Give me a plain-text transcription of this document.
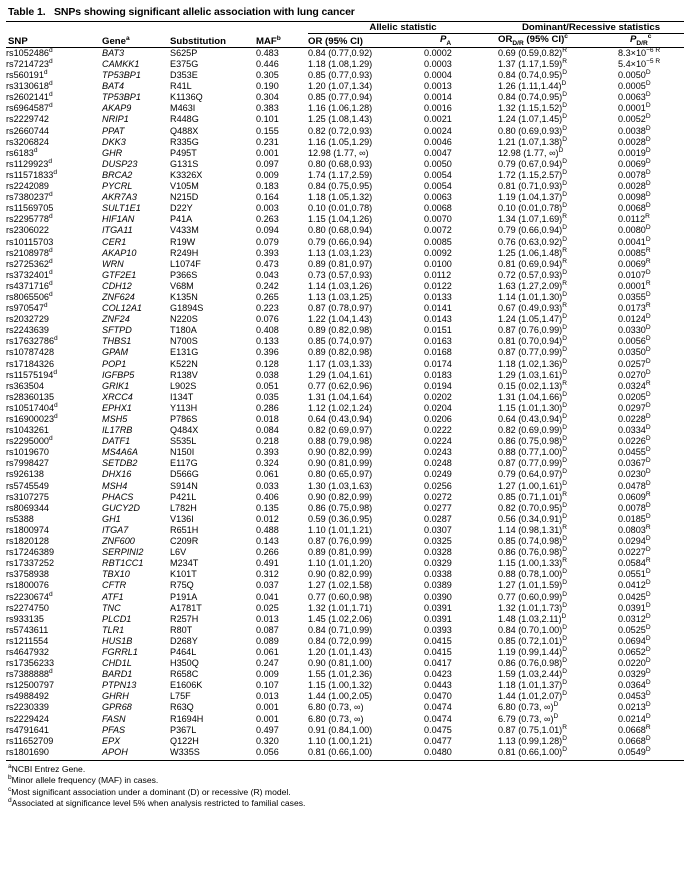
Table 1. SNPs showing significant allelic association with lung cancer

				Allelic statistic		Dominant/Recessive statistics	
SNP	Gene$^a$	Substitution	MAF$^b$	OR (95% CI)	$P_A$	$OR_{D/R}$ (95% CI)$^c$	$P_{D/R}^c$
rs1052486$^d$	BAT3	S625P	0.483	0.84 (0.77,0.92)	0.0002	0.69 $(0.59,0.82)^R$	$8.3\times 10^{-6 R}$
rs7214723$^d$	CAMKK1	E375G	0.446	1.18 (1.08,1.29)	0.0003	1.37 $(1.17,1.59)^R$	$5.4\times 10^{-5 R}$
rs560191$^d$	TP53BP1	D353E	0.305	0.85 (0.77,0.93)	0.0004	0.84 $(0.74,0.95)^D$	$0.0050^D$
rs3130618$^d$	BAT4	R41L	0.190	1.20 (1.07,1.34)	0.0013	1.26 $(1.11,1.44)^D$	$0.0005^D$
rs2602141$^d$	TP53BP1	K1136Q	0.304	0.85 (0.77,0.94)	0.0014	0.84 $(0.74,0.95)^D$	$0.0063^D$
rs6964587$^d$	AKAP9	M463I	0.383	1.16 (1.06,1.28)	0.0016	1.32 $(1.15,1.52)^D$	$0.0001^D$
rs2229742	NRIP1	R448G	0.101	1.25 (1.08,1.43)	0.0021	1.24 $(1.07,1.45)^D$	$0.0052^D$
rs2660744	PPAT	Q488X	0.155	0.82 (0.72,0.93)	0.0024	0.80 $(0.69,0.93)^D$	$0.0038^D$
rs3206824	DKK3	R335G	0.231	1.16 (1.05,1.29)	0.0046	1.21 $(1.07,1.38)^D$	$0.0028^D$
rs6183$^d$	GHR	P495T	0.001	12.98 (1.77, ∞)	0.0047	12.98 (1.77, ∞)$^D$	$0.0019^D$
rs1129923$^d$	DUSP23	G131S	0.097	0.80 (0.68,0.93)	0.0050	0.79 $(0.67,0.94)^D$	$0.0069^D$
rs11571833$^d$	BRCA2	K3326X	0.009	1.74 (1.17,2.59)	0.0054	1.72 $(1.15,2.57)^D$	$0.0078^D$
rs2242089	PYCRL	V105M	0.183	0.84 (0.75,0.95)	0.0054	0.81 $(0.71,0.93)^D$	$0.0028^D$
rs7380237$^d$	AKR7A3	N215D	0.164	1.18 (1.05,1.32)	0.0063	1.19 $(1.04,1.37)^D$	$0.0098^D$
rs11569705	SULT1E1	D22Y	0.003	0.10 (0.01,0.78)	0.0068	0.10 $(0.01,0.78)^D$	$0.0068^D$
rs2295778$^d$	HIF1AN	P41A	0.263	1.15 (1.04,1.26)	0.0070	1.34 $(1.07,1.69)^R$	$0.0112^R$
rs2306022	ITGA11	V433M	0.094	0.80 (0.68,0.94)	0.0072	0.79 $(0.66,0.94)^D$	$0.0080^D$
rs10115703	CER1	R19W	0.079	0.79 (0.66,0.94)	0.0085	0.76 $(0.63,0.92)^D$	$0.0041^D$
rs2108978$^d$	AKAP10	R249H	0.393	1.13 (1.03,1.23)	0.0092	1.25 $(1.06,1.48)^R$	$0.0085^R$
rs2725362$^d$	WRN	L1074F	0.473	0.89 (0.81,0.97)	0.0100	0.81 $(0.69,0.94)^R$	$0.0069^R$
rs3732401$^d$	GTF2E1	P366S	0.043	0.73 (0.57,0.93)	0.0112	0.72 $(0.57,0.93)^D$	$0.0107^D$
rs4371716$^d$	CDH12	V68M	0.242	1.14 (1.03,1.26)	0.0122	1.63 $(1.27,2.09)^R$	$0.0001^R$
rs8065506$^d$	ZNF624	K135N	0.265	1.13 (1.03,1.25)	0.0133	1.14 $(1.01,1.30)^D$	$0.0355^D$
rs970547$^d$	COL12A1	G1894S	0.223	0.87 (0.78,0.97)	0.0141	0.67 $(0.49,0.93)^R$	$0.0173^R$
rs2032729	ZNF24	N220S	0.076	1.22 (1.04,1.43)	0.0143	1.24 $(1.05,1.47)^D$	$0.0124^D$
rs2243639	SFTPD	T180A	0.408	0.89 (0.82,0.98)	0.0151	0.87 $(0.76,0.99)^D$	$0.0330^D$
rs17632786$^d$	THBS1	N700S	0.133	0.85 (0.74,0.97)	0.0163	0.81 $(0.70,0.94)^D$	$0.0056^D$
rs10787428	GPAM	E131G	0.396	0.89 (0.82,0.98)	0.0168	0.87 $(0.77,0.99)^D$	$0.0350^D$
rs17184326	POP1	K522N	0.128	1.17 (1.03,1.33)	0.0174	1.18 $(1.02,1.36)^D$	$0.0257^D$
rs11575194$^d$	IGFBP5	R138V	0.038	1.29 (1.04,1.61)	0.0183	1.29 $(1.03,1.61)^D$	$0.0270^D$
rs363504	GRIK1	L902S	0.051	0.77 (0.62,0.96)	0.0194	0.15 $(0.02,1.13)^R$	$0.0324^R$
rs28360135	XRCC4	I134T	0.035	1.31 (1.04,1.64)	0.0202	1.31 $(1.04,1.66)^D$	$0.0205^D$
rs10517404$^d$	EPHX1	Y113H	0.286	1.12 (1.02,1.24)	0.0204	1.15 $(1.01,1.30)^D$	$0.0297^D$
rs16900023$^d$	MSH5	P786S	0.018	0.64 (0.43,0.94)	0.0206	0.64 $(0.43,0.94)^D$	$0.0228^D$
rs1043261	IL17RB	Q484X	0.084	0.82 (0.69,0.97)	0.0222	0.82 $(0.69,0.99)^D$	$0.0334^D$
rs2295000$^d$	DATF1	S535L	0.218	0.88 (0.79,0.98)	0.0224	0.86 $(0.75,0.98)^D$	$0.0226^D$
rs1019670	MS4A6A	N150I	0.393	0.90 (0.82,0.99)	0.0243	0.88 $(0.77,1.00)^D$	$0.0455^D$
rs7998427	SETDB2	E117G	0.324	0.90 (0.81,0.99)	0.0248	0.87 $(0.77,0.99)^D$	$0.0367^D$
rs926138	DHX16	D566G	0.061	0.80 (0.65,0.97)	0.0249	0.79 $(0.64,0.97)^D$	$0.0230^D$
rs5745549	MSH4	S914N	0.033	1.30 (1.03,1.63)	0.0256	1.27 $(1.00,1.61)^D$	$0.0478^D$
rs3107275	PHACS	P421L	0.406	0.90 (0.82,0.99)	0.0272	0.85 $(0.71,1.01)^R$	$0.0609^R$
rs8069344	GUCY2D	L782H	0.135	0.86 (0.75,0.98)	0.0277	0.82 $(0.70,0.95)^D$	$0.0078^D$
rs5388	GH1	V136I	0.012	0.59 (0.36,0.95)	0.0287	0.56 $(0.34,0.91)^D$	$0.0185^D$
rs1800974	ITGA7	R651H	0.488	1.10 (1.01,1.21)	0.0307	1.14 $(0.98,1.31)^R$	$0.0803^R$
rs1820128	ZNF600	C209R	0.143	0.87 (0.76,0.99)	0.0325	0.85 $(0.74,0.98)^D$	$0.0294^D$
rs17246389	SERPINI2	L6V	0.266	0.89 (0.81,0.99)	0.0328	0.86 $(0.76,0.98)^D$	$0.0227^D$
rs17337252	RBT1CC1	M234T	0.491	1.10 (1.01,1.20)	0.0329	1.15 $(1.00,1.33)^R$	$0.0584^R$
rs3758938	TBX10	K101T	0.312	0.90 (0.82,0.99)	0.0338	0.88 $(0.78,1.00)^D$	$0.0551^D$
rs1800076	CFTR	R75Q	0.037	1.27 (1.02,1.58)	0.0389	1.27 $(1.01,1.59)^D$	$0.0412^D$
rs2230674$^d$	ATF1	P191A	0.041	0.77 (0.60,0.98)	0.0390	0.77 $(0.60,0.99)^D$	$0.0425^D$
rs2274750	TNC	A1781T	0.025	1.32 (1.01,1.71)	0.0391	1.32 $(1.01,1.73)^D$	$0.0391^D$
rs933135	PLCD1	R257H	0.013	1.45 (1.02,2.06)	0.0391	1.48 $(1.03,2.11)^D$	$0.0312^D$
rs5743611	TLR1	R80T	0.087	0.84 (0.71,0.99)	0.0393	0.84 $(0.70,1.00)^D$	$0.0525^D$
rs1211554	HUS1B	D268Y	0.089	0.84 (0.72,0.99)	0.0415	0.85 $(0.72,1.01)^D$	$0.0694^D$
rs4647932	FGRRL1	P464L	0.061	1.20 (1.01,1.43)	0.0415	1.19 $(0.99,1.44)^D$	$0.0652^D$
rs17356233	CHD1L	H350Q	0.247	0.90 (0.81,1.00)	0.0417	0.86 $(0.76,0.98)^D$	$0.0220^D$
rs7388888$^d$	BARD1	R658C	0.009	1.55 (1.01,2.36)	0.0423	1.59 $(1.03,2.44)^D$	$0.0329^D$
rs12500797	PTPN13	E1606K	0.107	1.15 (1.00,1.32)	0.0443	1.18 $(1.01,1.37)^D$	$0.0364^D$
rs4988492	GHRH	L75F	0.013	1.44 (1.00,2.05)	0.0470	1.44 $(1.01,2.07)^D$	$0.0453^D$
rs2230339	GPR68	R63Q	0.001	6.80 (0.73, ∞)	0.0474	6.80 (0.73, ∞)$^D$	$0.0213^D$
rs2229424	FASN	R1694H	0.001	6.80 (0.73, ∞)	0.0474	6.79 (0.73, ∞)$^D$	$0.0214^D$
rs4791641	PFAS	P367L	0.497	0.91 (0.84,1.00)	0.0475	0.87 $(0.75,1.01)^R$	$0.0668^R$
rs11652709	EPX	Q122H	0.320	1.10 (1.00,1.21)	0.0477	1.13 $(0.99,1.28)^D$	$0.0668^D$
rs1801690	APOH	W335S	0.056	0.81 (0.66,1.00)	0.0480	0.81 $(0.66,1.00)^D$	$0.0549^D$

$^a$NCBI Entrez Gene.
$^b$Minor allele frequency (MAF) in cases.
$^c$Most significant association under a dominant (D) or recessive (R) model.
$^d$Associated at significance level 5% when analysis restricted to familial cases.
